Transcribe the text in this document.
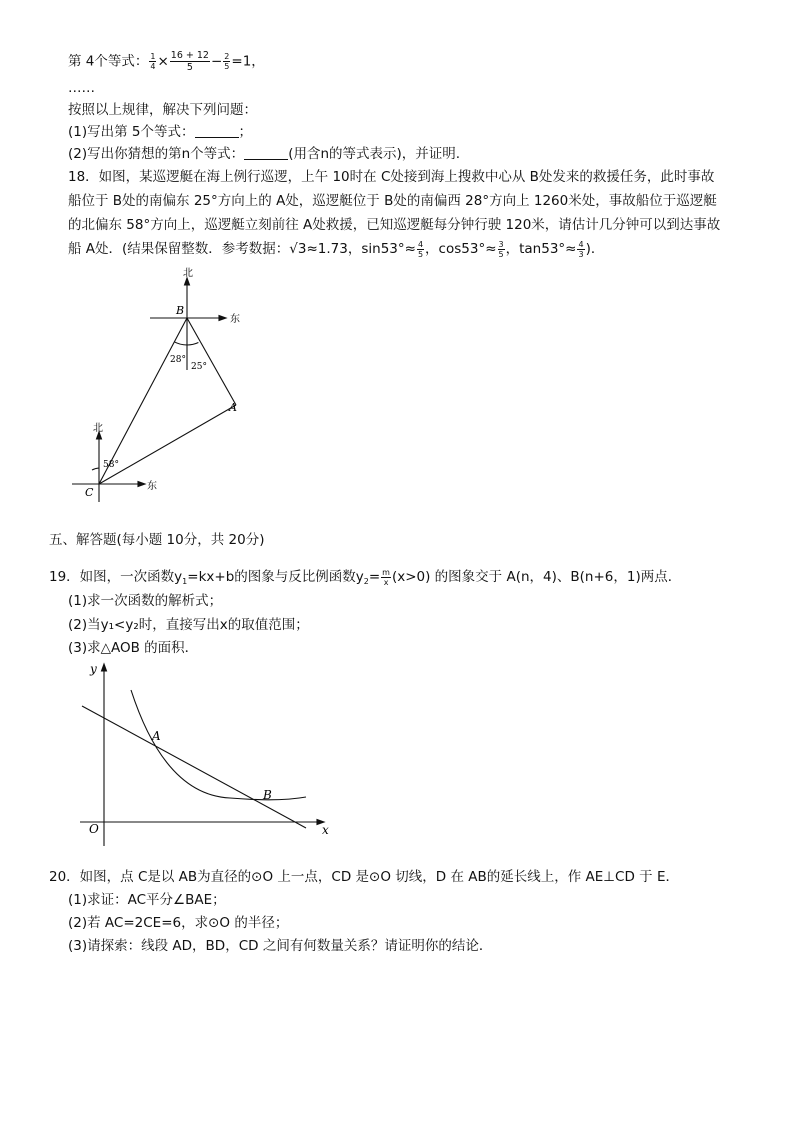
第 4个等式： $\frac{1}{4} \times \frac{16 + 12}{5} - \frac{2}{5} =1$，
……
按照以上规律，解决下列问题：
(1)写出第 5个等式：	；
(2)写出你猜想的第n个等式：	(用含n的等式表示)，并证明.
18．如图，某巡逻艇在海上例行巡逻，上午 10时在 C处接到海上搜救中心从 B处发来的救援任务，此时事故
船位于 B处的南偏东 25°方向上的 A处，巡逻艇位于 B处的南偏西 28°方向上 1260米处，事故船位于巡逻艇
的北偏东 58°方向上，巡逻艇立刻前往 A处救援，已知巡逻艇每分钟行驶 120米，请估计几分钟可以到达事故
船 A处．(结果保留整数．参考数据：√3≈1.73，$\sin 53^\circ\approx \frac{4}{5}$ ，$\cos 53^\circ\approx \frac{3}{5}$ ，$\tan 53^\circ\approx \frac{4}{3}$ )．
北
东
B
28°
25°
A
北
东
58°
C
五、解答题(每小题 10分，共 20分)
19．如图，一次函数$y_1=kx+b$的图象与反比例函数$y_2= \frac{m}{x} (x>0)$ 的图象交于 A(n，4)、B(n+6，1)两点．
(1)求一次函数的解析式；
(2)当y₁<y₂时，直接写出x的取值范围；
(3)求△AOB 的面积．
y
x
O
A
B
20．如图，点 C是以 AB为直径的⊙O 上一点，CD 是⊙O 切线，D 在 AB的延长线上，作 AE⊥CD 于 E．
(1)求证：AC平分∠BAE；
(2)若 AC=2CE=6，求⊙O 的半径；
(3)请探索：线段 AD，BD，CD 之间有何数量关系？请证明你的结论．
